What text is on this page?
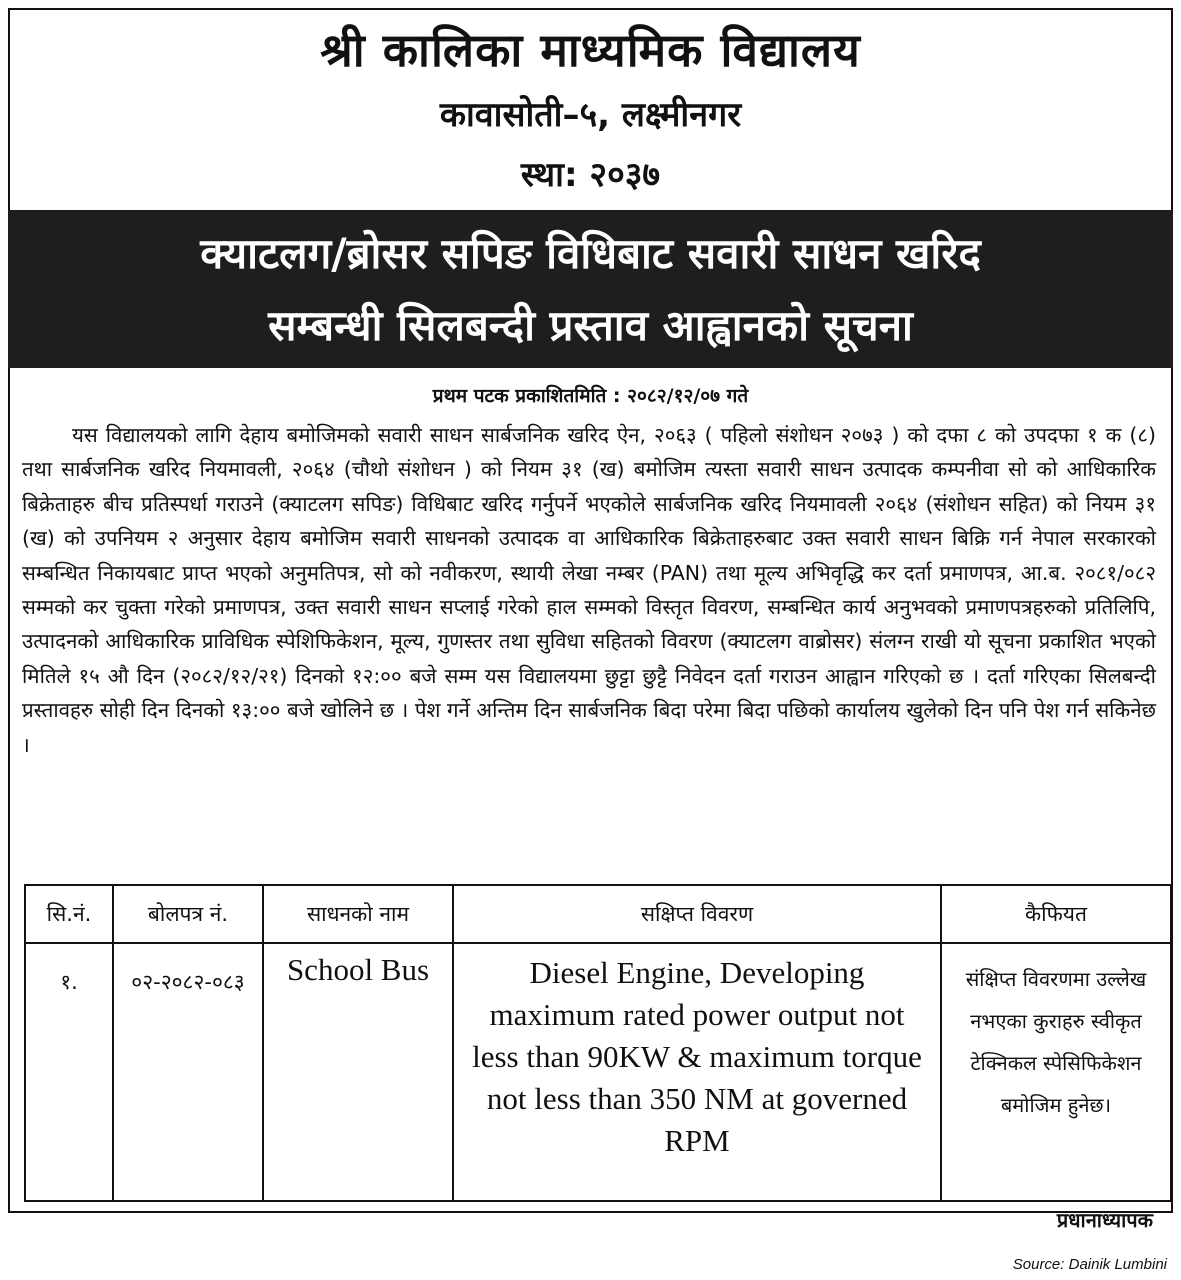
श्री कालिका माध्यमिक विद्यालय
कावासोती–५, लक्ष्मीनगर
स्था: २०३७
क्याटलग/ब्रोसर सपिङ विधिबाट सवारी साधन खरिद
सम्बन्धी सिलबन्दी प्रस्ताव आह्वानको सूचना
प्रथम पटक प्रकाशितमिति : २०८२/१२/०७ गते
यस विद्यालयको लागि देहाय बमोजिमको सवारी साधन सार्बजनिक खरिद ऐन, २०६३ ( पहिलो संशोधन २०७३ ) को दफा ८ को उपदफा १ क (८) तथा सार्बजनिक खरिद नियमावली, २०६४ (चौथो संशोधन ) को नियम ३१ (ख) बमोजिम त्यस्ता सवारी साधन उत्पादक कम्पनीवा सो को आधिकारिक बिक्रेताहरु बीच प्रतिस्पर्धा गराउने (क्याटलग सपिङ) विधिबाट खरिद गर्नुपर्ने भएकोले सार्बजनिक खरिद नियमावली २०६४ (संशोधन सहित) को नियम ३१ (ख) को उपनियम २ अनुसार देहाय बमोजिम सवारी साधनको उत्पादक वा आधिकारिक बिक्रेताहरुबाट उक्त सवारी साधन बिक्रि गर्न नेपाल सरकारको सम्बन्धित निकायबाट प्राप्त भएको अनुमतिपत्र, सो को नवीकरण, स्थायी लेखा नम्बर (PAN) तथा मूल्य अभिवृद्धि कर दर्ता प्रमाणपत्र, आ.ब. २०८१/०८२ सम्मको कर चुक्ता गरेको प्रमाणपत्र, उक्त सवारी साधन सप्लाई गरेको हाल सम्मको विस्तृत विवरण, सम्बन्धित कार्य अनुभवको प्रमाणपत्रहरुको प्रतिलिपि, उत्पादनको आधिकारिक प्राविधिक स्पेशिफिकेशन, मूल्य, गुणस्तर तथा सुविधा सहितको विवरण (क्याटलग वाब्रोसर) संलग्न राखी यो सूचना प्रकाशित भएको मितिले १५ औ दिन (२०८२/१२/२१) दिनको १२:०० बजे सम्म यस विद्यालयमा छुट्टा छुट्टै निवेदन दर्ता गराउन आह्वान गरिएको छ । दर्ता गरिएका सिलबन्दी प्रस्तावहरु सोही दिन दिनको १३:०० बजे खोलिने छ । पेश गर्ने अन्तिम दिन सार्बजनिक बिदा परेमा बिदा पछिको कार्यालय खुलेको दिन पनि पेश गर्न सकिनेछ ।
सि.नं.	बोलपत्र नं.	साधनको नाम	सक्षिप्त विवरण	कैफियत
१.	०२-२०८२-०८३	School Bus	Diesel Engine, Developing maximum rated power output not less than 90KW & maximum torque not less than 350 NM at governed RPM	संक्षिप्त विवरणमा उल्लेख नभएका कुराहरु स्वीकृत टेक्निकल स्पेसिफिकेशन बमोजिम हुनेछ।
प्रधानाध्यापक
Source: Dainik Lumbini
